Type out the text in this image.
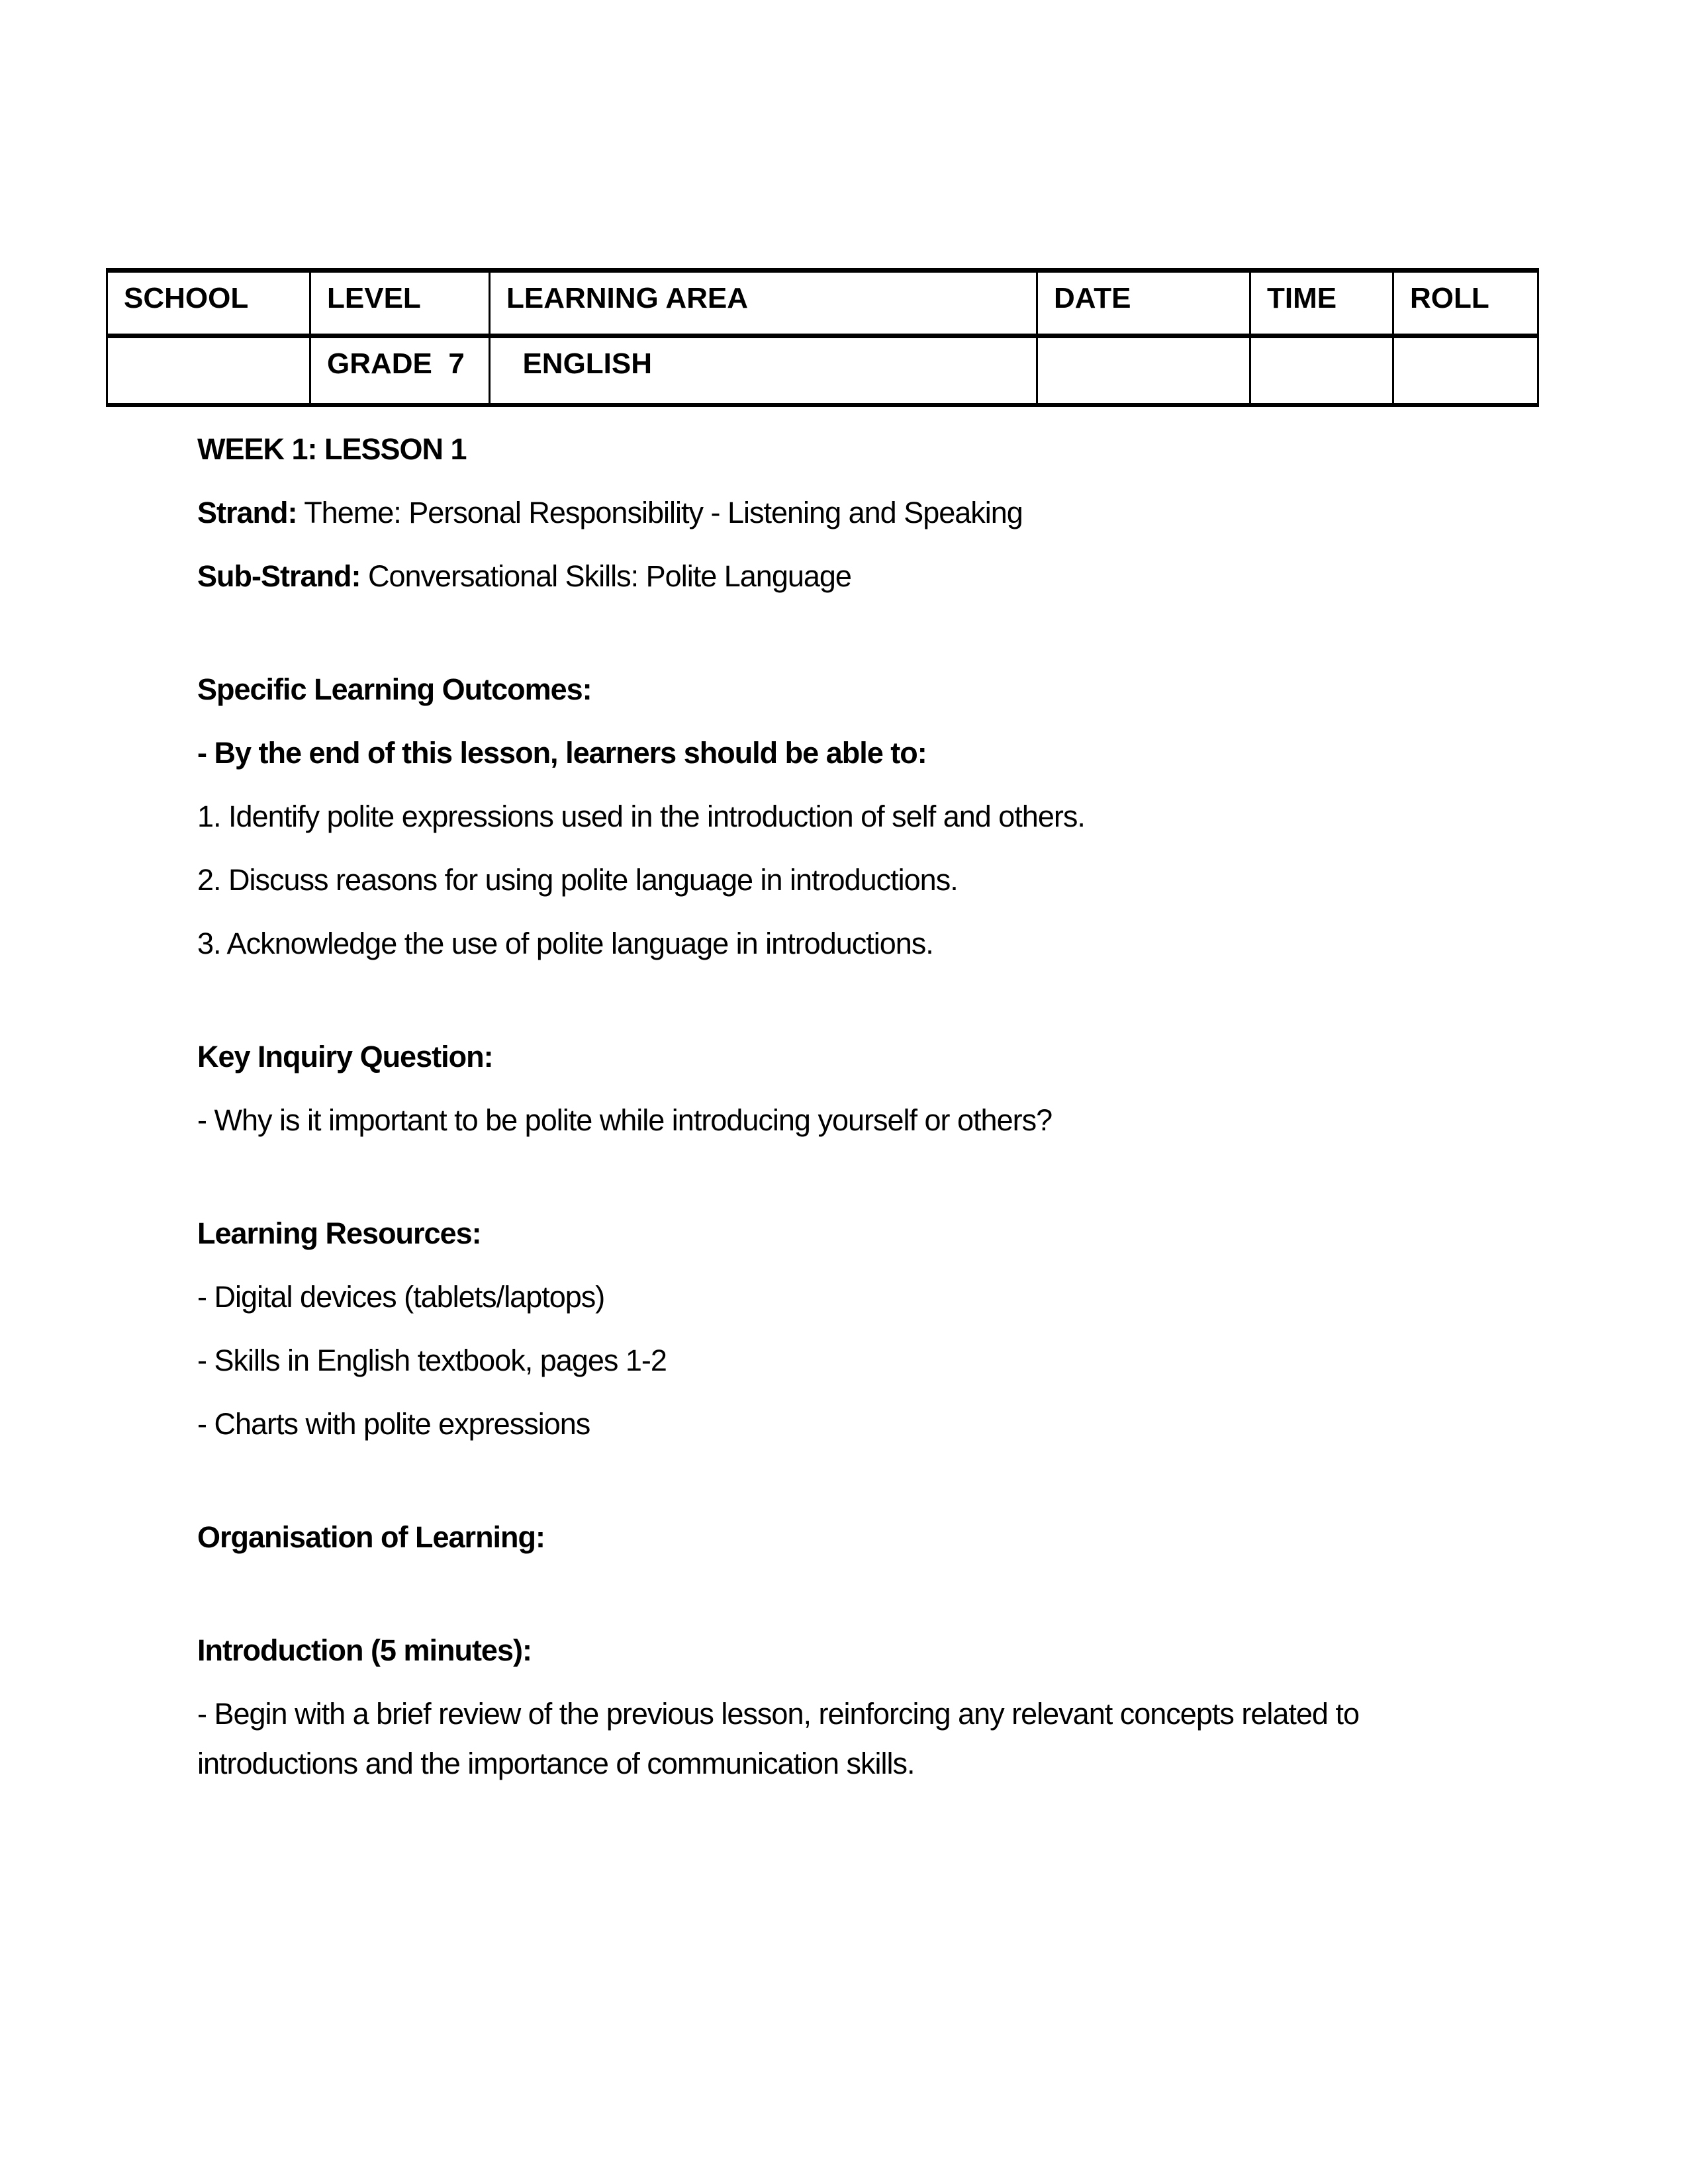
SCHOOL	LEVEL	LEARNING AREA	DATE	TIME	ROLL
	GRADE  7	ENGLISH			

WEEK 1: LESSON 1

Strand: Theme: Personal Responsibility - Listening and Speaking

Sub-Strand: Conversational Skills: Polite Language

Specific Learning Outcomes:

- By the end of this lesson, learners should be able to:

1. Identify polite expressions used in the introduction of self and others.

2. Discuss reasons for using polite language in introductions.

3. Acknowledge the use of polite language in introductions.

Key Inquiry Question:

- Why is it important to be polite while introducing yourself or others?

Learning Resources:

- Digital devices (tablets/laptops)

- Skills in English textbook, pages 1-2

- Charts with polite expressions

Organisation of Learning:

Introduction (5 minutes):

- Begin with a brief review of the previous lesson, reinforcing any relevant concepts related to introductions and the importance of communication skills.
